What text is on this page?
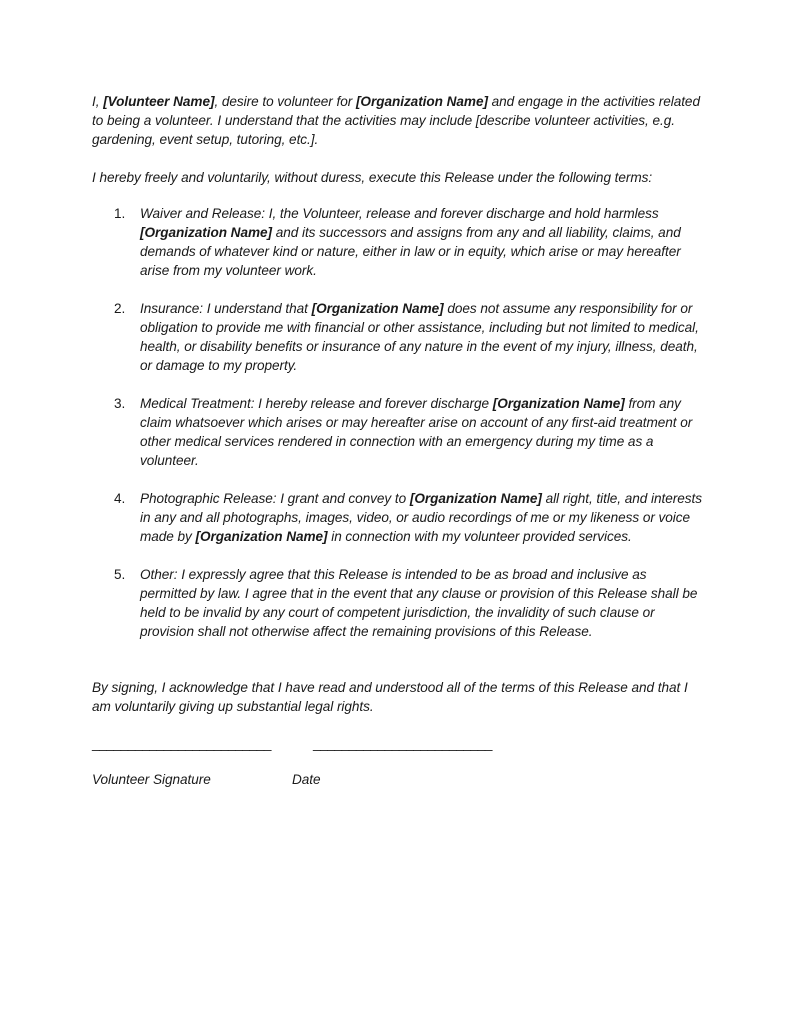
I, [Volunteer Name], desire to volunteer for [Organization Name] and engage in the activities related to being a volunteer. I understand that the activities may include [describe volunteer activities, e.g. gardening, event setup, tutoring, etc.].

I hereby freely and voluntarily, without duress, execute this Release under the following terms:

1. Waiver and Release: I, the Volunteer, release and forever discharge and hold harmless [Organization Name] and its successors and assigns from any and all liability, claims, and demands of whatever kind or nature, either in law or in equity, which arise or may hereafter arise from my volunteer work.
2. Insurance: I understand that [Organization Name] does not assume any responsibility for or obligation to provide me with financial or other assistance, including but not limited to medical, health, or disability benefits or insurance of any nature in the event of my injury, illness, death, or damage to my property.
3. Medical Treatment: I hereby release and forever discharge [Organization Name] from any claim whatsoever which arises or may hereafter arise on account of any first-aid treatment or other medical services rendered in connection with an emergency during my time as a volunteer.
4. Photographic Release: I grant and convey to [Organization Name] all right, title, and interests in any and all photographs, images, video, or audio recordings of me or my likeness or voice made by [Organization Name] in connection with my volunteer provided services.
5. Other: I expressly agree that this Release is intended to be as broad and inclusive as permitted by law. I agree that in the event that any clause or provision of this Release shall be held to be invalid by any court of competent jurisdiction, the invalidity of such clause or provision shall not otherwise affect the remaining provisions of this Release.

By signing, I acknowledge that I have read and understood all of the terms of this Release and that I am voluntarily giving up substantial legal rights.

_________________________	_________________________
Volunteer Signature	Date
